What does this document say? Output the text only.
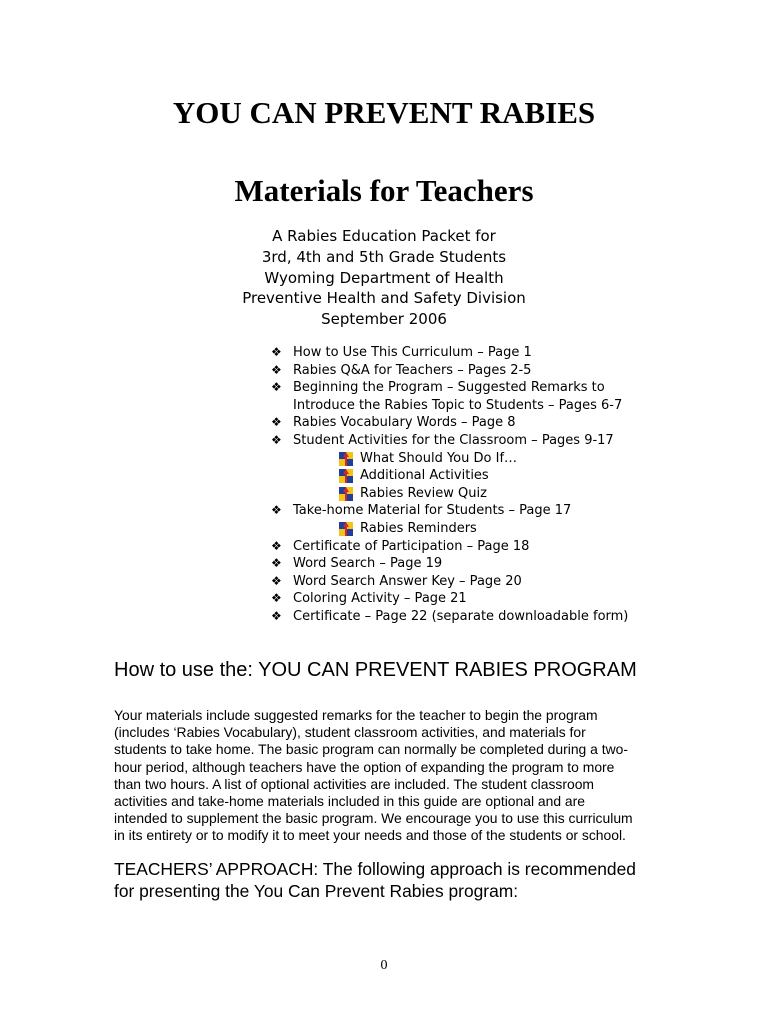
YOU CAN PREVENT RABIES
Materials for Teachers
A Rabies Education Packet for
3rd, 4th and 5th Grade Students
Wyoming Department of Health
Preventive Health and Safety Division
September 2006
❖ How to Use This Curriculum – Page 1
❖ Rabies Q&A for Teachers – Pages 2-5
❖ Beginning the Program – Suggested Remarks to
Introduce the Rabies Topic to Students – Pages 6-7
❖ Rabies Vocabulary Words – Page 8
❖ Student Activities for the Classroom – Pages 9-17
What Should You Do If…
Additional Activities
Rabies Review Quiz
❖ Take-home Material for Students – Page 17
Rabies Reminders
❖ Certificate of Participation – Page 18
❖ Word Search – Page 19
❖ Word Search Answer Key – Page 20
❖ Coloring Activity – Page 21
❖ Certificate – Page 22 (separate downloadable form)
How to use the: YOU CAN PREVENT RABIES PROGRAM
Your materials include suggested remarks for the teacher to begin the program
(includes ‘Rabies Vocabulary), student classroom activities, and materials for
students to take home. The basic program can normally be completed during a two-
hour period, although teachers have the option of expanding the program to more
than two hours. A list of optional activities are included. The student classroom
activities and take-home materials included in this guide are optional and are
intended to supplement the basic program. We encourage you to use this curriculum
in its entirety or to modify it to meet your needs and those of the students or school.
TEACHERS’ APPROACH: The following approach is recommended
for presenting the You Can Prevent Rabies program:
0
